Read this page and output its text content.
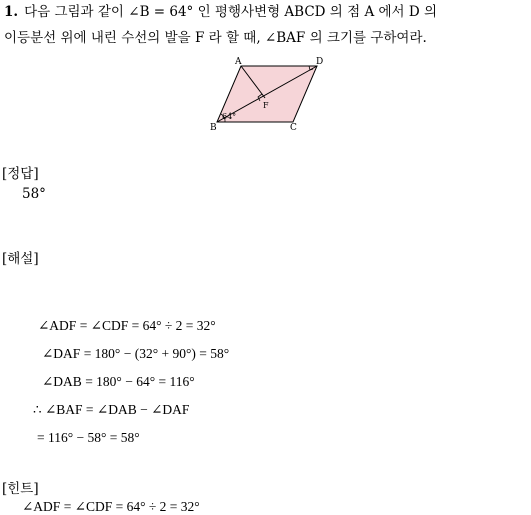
1. 다음 그림과 같이 ∠B = 64° 인 평행사변형 ABCD 의 점 A 에서 D 의
이등분선 위에 내린 수선의 발을 F 라 할 때, ∠BAF 의 크기를 구하여라.
A	D
B	C
F
64°
[정답]
58°
[해설]
∠ADF = ∠CDF = 64° ÷ 2 = 32°
∠DAF = 180° − (32° + 90°) = 58°
∠DAB = 180° − 64° = 116°
∴ ∠BAF = ∠DAB − ∠DAF
= 116° − 58° = 58°
[힌트]
∠ADF = ∠CDF = 64° ÷ 2 = 32°
